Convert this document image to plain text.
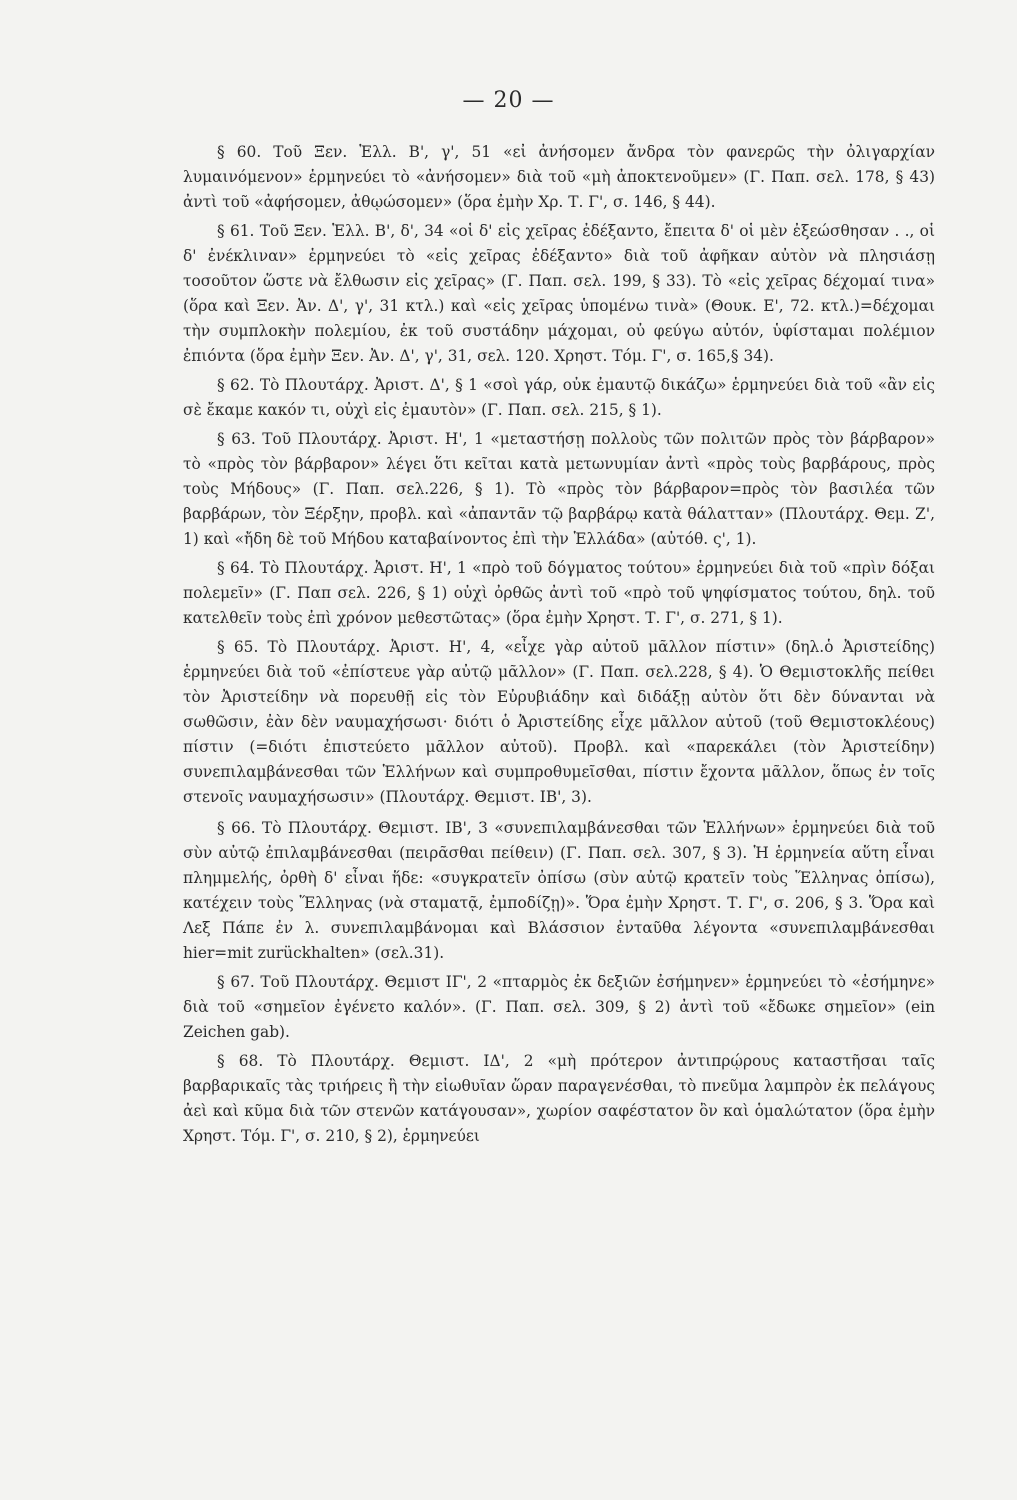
— 20 —

§ 60. Τοῦ Ξεν. Ἑλλ. Β', γ', 51 «εἰ ἀνήσομεν ἄνδρα τὸν φανερῶς τὴν ὀλιγαρχίαν λυμαινόμενον» ἑρμηνεύει τὸ «ἀνήσομεν» διὰ τοῦ «μὴ ἀποκτενοῦμεν» (Γ. Παπ. σελ. 178, § 43) ἀντὶ τοῦ «ἀφήσομεν, ἀθῳώσομεν» (ὅρα ἐμὴν Χρ. Τ. Γ', σ. 146, § 44).

§ 61. Τοῦ Ξεν. Ἑλλ. Β', δ', 34 «οἱ δ' εἰς χεῖρας ἐδέξαντο, ἔπειτα δ' οἱ μὲν ἐξεώσθησαν . ., οἱ δ' ἐνέκλιναν» ἑρμηνεύει τὸ «εἰς χεῖρας ἐδέξαντο» διὰ τοῦ ἀφῆκαν αὐτὸν νὰ πλησιάσῃ τοσοῦτον ὥστε νὰ ἔλθωσιν εἰς χεῖρας» (Γ. Παπ. σελ. 199, § 33). Τὸ «εἰς χεῖρας δέχομαί τινα» (ὅρα καὶ Ξεν. Ἀν. Δ', γ', 31 κτλ.) καὶ «εἰς χεῖρας ὑπομένω τινὰ» (Θουκ. Ε', 72. κτλ.)=δέχομαι τὴν συμπλοκὴν πολεμίου, ἐκ τοῦ συστάδην μάχομαι, οὐ φεύγω αὐτόν, ὑφίσταμαι πολέμιον ἐπιόντα (ὅρα ἐμὴν Ξεν. Ἀν. Δ', γ', 31, σελ. 120. Χρηστ. Τόμ. Γ', σ. 165,§ 34).

§ 62. Τὸ Πλουτάρχ. Ἀριστ. Δ', § 1 «σοὶ γάρ, οὐκ ἐμαυτῷ δικάζω» ἑρμηνεύει διὰ τοῦ «ἂν εἰς σὲ ἔκαμε κακόν τι, οὐχὶ εἰς ἐμαυτὸν» (Γ. Παπ. σελ. 215, § 1).

§ 63. Τοῦ Πλουτάρχ. Ἀριστ. Η', 1 «μεταστήσῃ πολλοὺς τῶν πολιτῶν πρὸς τὸν βάρβαρον» τὸ «πρὸς τὸν βάρβαρον» λέγει ὅτι κεῖται κατὰ μετωνυμίαν ἀντὶ «πρὸς τοὺς βαρβάρους, πρὸς τοὺς Μήδους» (Γ. Παπ. σελ.226, § 1). Τὸ «πρὸς τὸν βάρβαρον=πρὸς τὸν βασιλέα τῶν βαρβάρων, τὸν Ξέρξην, προβλ. καὶ «ἀπαντᾶν τῷ βαρβάρῳ κατὰ θάλατταν» (Πλουτάρχ. Θεμ. Ζ', 1) καὶ «ἤδη δὲ τοῦ Μήδου καταβαίνοντος ἐπὶ τὴν Ἑλλάδα» (αὐτόθ. ς', 1).

§ 64. Τὸ Πλουτάρχ. Ἀριστ. Η', 1 «πρὸ τοῦ δόγματος τούτου» ἑρμηνεύει διὰ τοῦ «πρὶν δόξαι πολεμεῖν» (Γ. Παπ σελ. 226, § 1) οὐχὶ ὀρθῶς ἀντὶ τοῦ «πρὸ τοῦ ψηφίσματος τούτου, δηλ. τοῦ κατελθεῖν τοὺς ἐπὶ χρόνον μεθεστῶτας» (ὅρα ἐμὴν Χρηστ. Τ. Γ', σ. 271, § 1).

§ 65. Τὸ Πλουτάρχ. Ἀριστ. Η', 4, «εἶχε γὰρ αὐτοῦ μᾶλλον πίστιν» (δηλ.ὁ Ἀριστείδης) ἑρμηνεύει διὰ τοῦ «ἐπίστευε γὰρ αὐτῷ μᾶλλον» (Γ. Παπ. σελ.228, § 4). Ὁ Θεμιστοκλῆς πείθει τὸν Ἀριστείδην νὰ πορευθῇ εἰς τὸν Εὐρυβιάδην καὶ διδάξῃ αὐτὸν ὅτι δὲν δύνανται νὰ σωθῶσιν, ἐὰν δὲν ναυμαχήσωσι· διότι ὁ Ἀριστείδης εἶχε μᾶλλον αὐτοῦ (τοῦ Θεμιστοκλέους) πίστιν (=διότι ἐπιστεύετο μᾶλλον αὐτοῦ). Προβλ. καὶ «παρεκάλει (τὸν Ἀριστείδην) συνεπιλαμβάνεσθαι τῶν Ἑλλήνων καὶ συμπροθυμεῖσθαι, πίστιν ἔχοντα μᾶλλον, ὅπως ἐν τοῖς στενοῖς ναυμαχήσωσιν» (Πλουτάρχ. Θεμιστ. ΙΒ', 3).

§ 66. Τὸ Πλουτάρχ. Θεμιστ. ΙΒ', 3 «συνεπιλαμβάνεσθαι τῶν Ἑλλήνων» ἑρμηνεύει διὰ τοῦ σὺν αὐτῷ ἐπιλαμβάνεσθαι (πειρᾶσθαι πείθειν) (Γ. Παπ. σελ. 307, § 3). Ἡ ἑρμηνεία αὕτη εἶναι πλημμελής, ὀρθὴ δ' εἶναι ἥδε: «συγκρατεῖν ὀπίσω (σὺν αὐτῷ κρατεῖν τοὺς Ἕλληνας ὀπίσω), κατέχειν τοὺς Ἕλληνας (νὰ σταματᾷ, ἐμποδίζῃ)». Ὅρα ἐμὴν Χρηστ. Τ. Γ', σ. 206, § 3. Ὅρα καὶ Λεξ Πάπε ἐν λ. συνεπιλαμβάνομαι καὶ Βλάσσιον ἐνταῦθα λέγοντα «συνεπιλαμβάνεσθαι hier=mit zurückhalten» (σελ.31).

§ 67. Τοῦ Πλουτάρχ. Θεμιστ ΙΓ', 2 «πταρμὸς ἐκ δεξιῶν ἐσήμηνεν» ἑρμηνεύει τὸ «ἐσήμηνε» διὰ τοῦ «σημεῖον ἐγένετο καλόν». (Γ. Παπ. σελ. 309, § 2) ἀντὶ τοῦ «ἔδωκε σημεῖον» (ein Zeichen gab).

§ 68. Τὸ Πλουτάρχ. Θεμιστ. ΙΔ', 2 «μὴ πρότερον ἀντιπρῴρους καταστῆσαι ταῖς βαρβαρικαῖς τὰς τριήρεις ἢ τὴν εἰωθυῖαν ὥραν παραγενέσθαι, τὸ πνεῦμα λαμπρὸν ἐκ πελάγους ἀεὶ καὶ κῦμα διὰ τῶν στενῶν κατάγουσαν», χωρίον σαφέστατον ὂν καὶ ὁμαλώτατον (ὅρα ἐμὴν Χρηστ. Τόμ. Γ', σ. 210, § 2), ἑρμηνεύει
